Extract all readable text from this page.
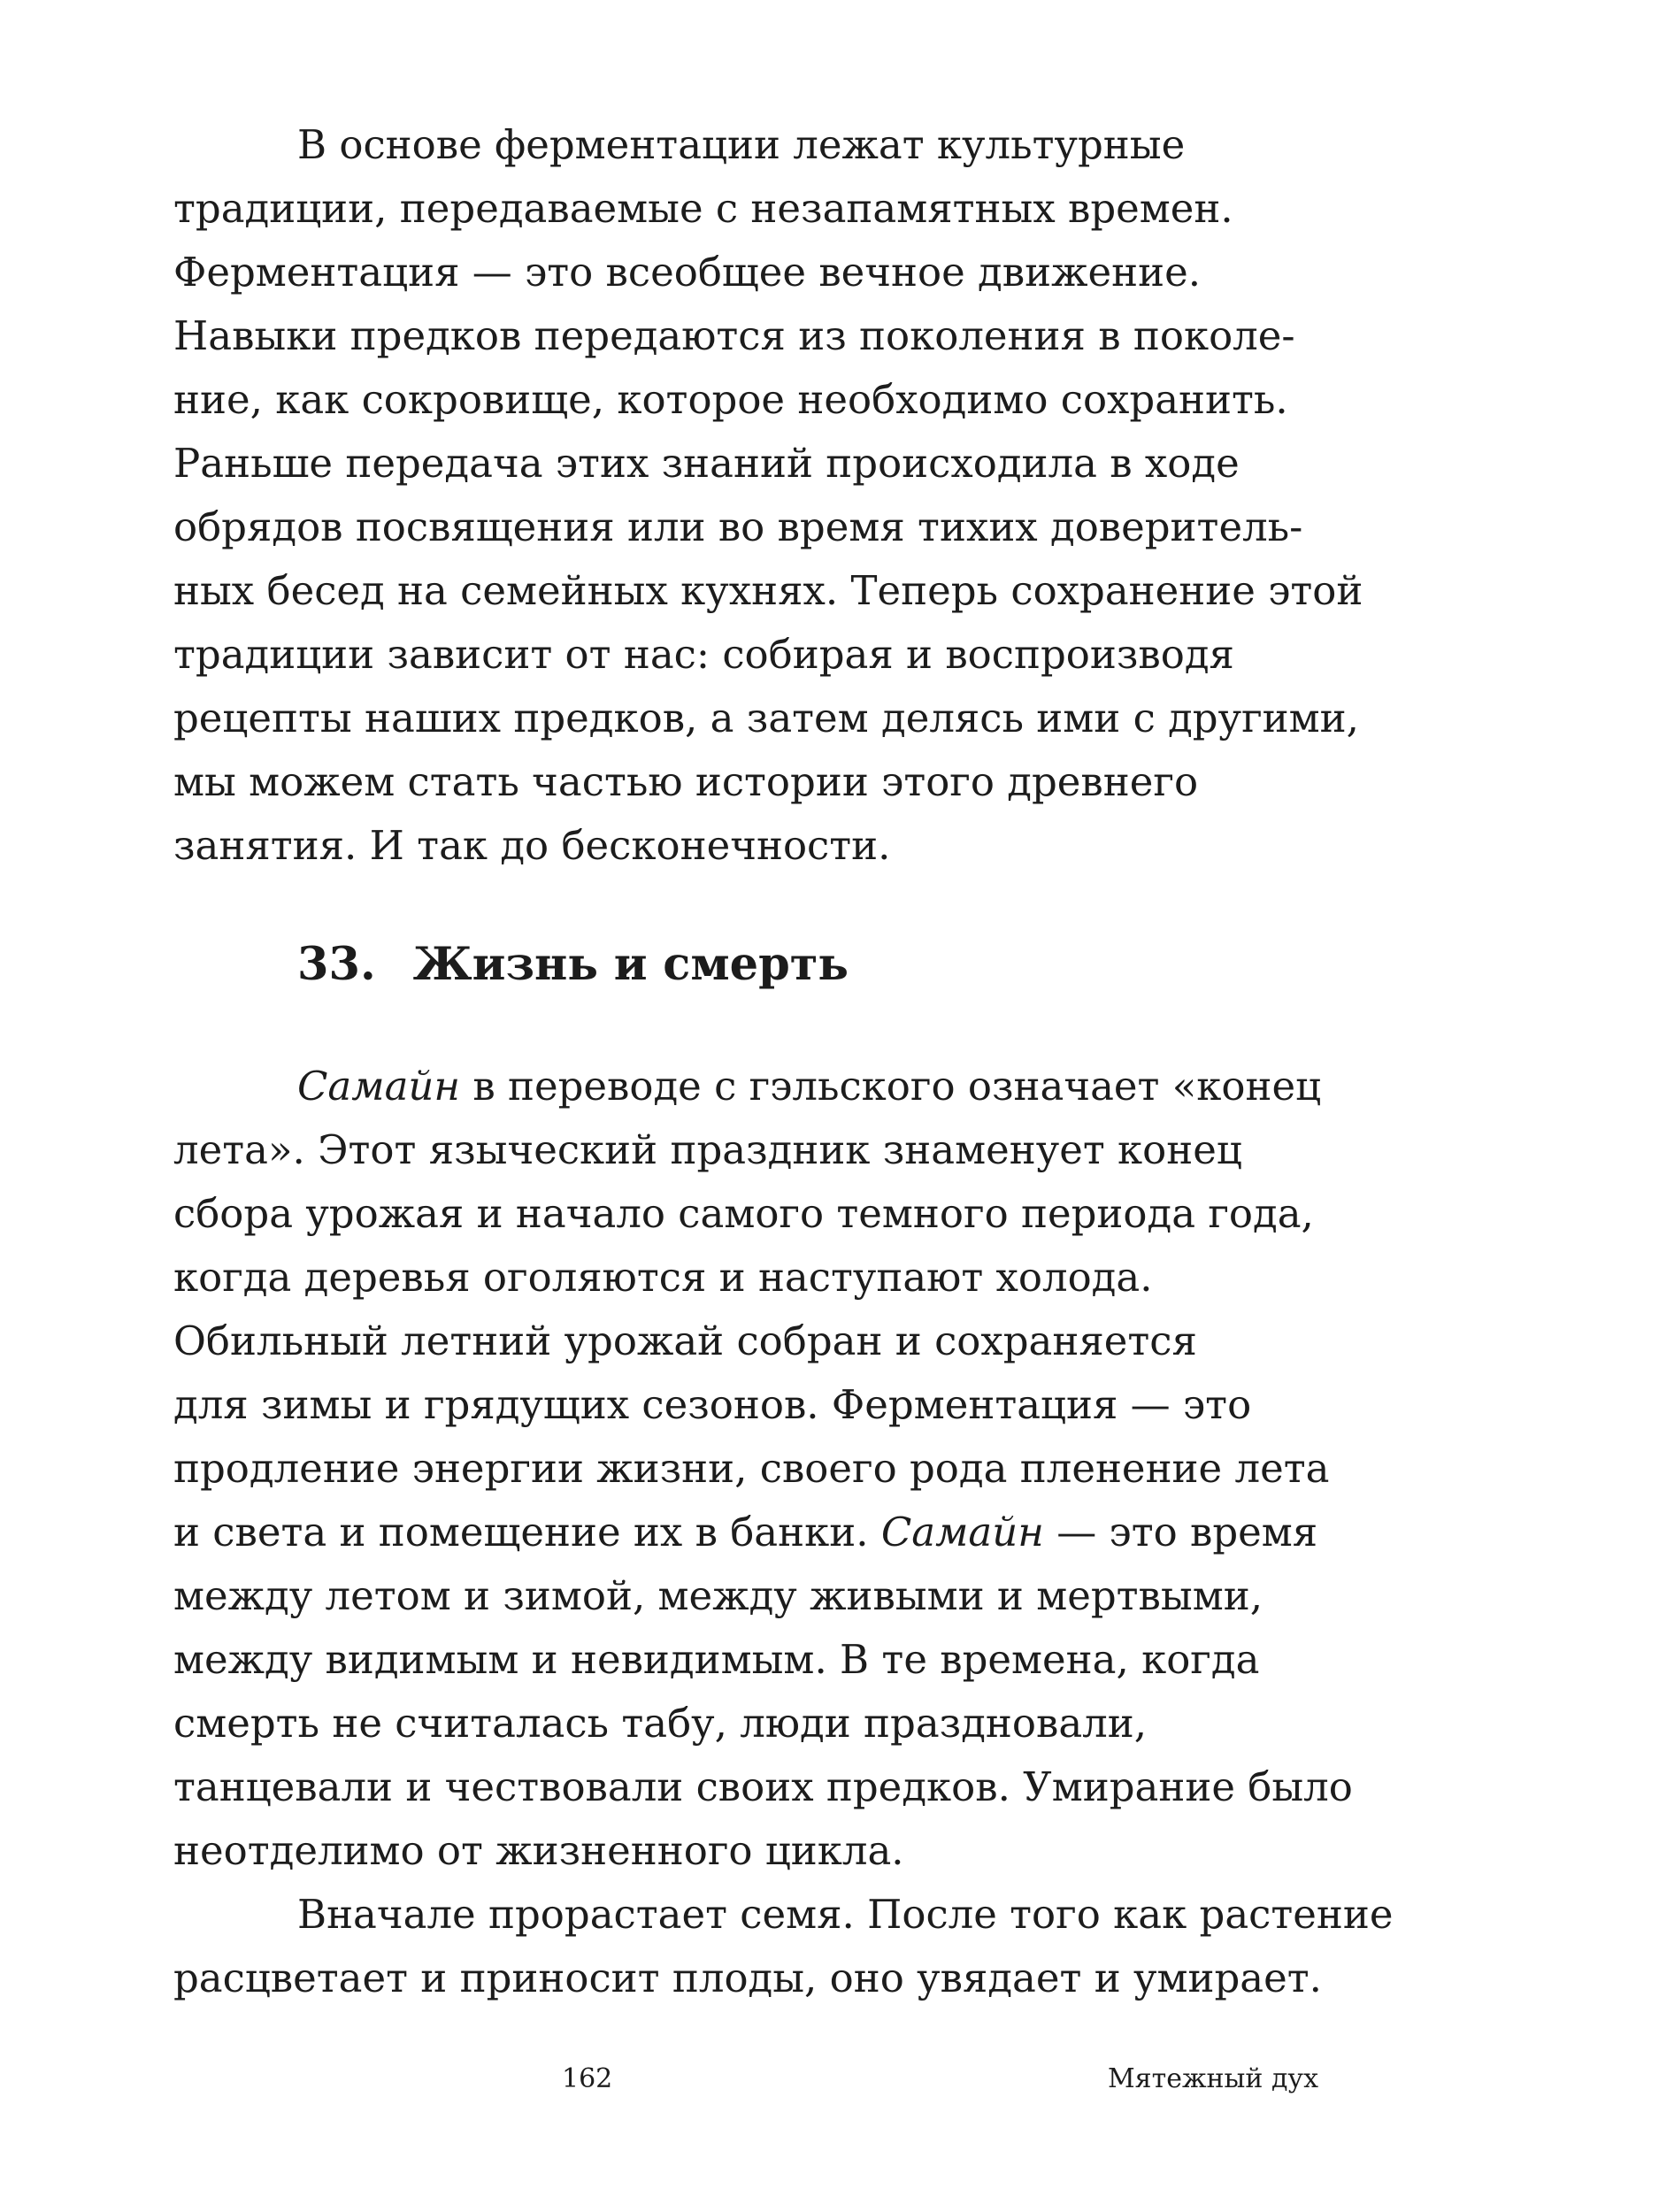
В основе ферментации лежат культурные
традиции, передаваемые с незапамятных времен.
Ферментация — это всеобщее вечное движение.
Навыки предков передаются из поколения в поколе-
ние, как сокровище, которое необходимо сохранить.
Раньше передача этих знаний происходила в ходе
обрядов посвящения или во время тихих доверитель-
ных бесед на семейных кухнях. Теперь сохранение этой
традиции зависит от нас: собирая и воспроизводя
рецепты наших предков, а затем делясь ими с другими,
мы можем стать частью истории этого древнего
занятия. И так до бесконечности.
33. Жизнь и смерть
Самайн в переводе с гэльского означает «конец
лета». Этот языческий праздник знаменует конец
сбора урожая и начало самого темного периода года,
когда деревья оголяются и наступают холода.
Обильный летний урожай собран и сохраняется
для зимы и грядущих сезонов. Ферментация — это
продление энергии жизни, своего рода пленение лета
и света и помещение их в банки. Самайн — это время
между летом и зимой, между живыми и мертвыми,
между видимым и невидимым. В те времена, когда
смерть не считалась табу, люди праздновали,
танцевали и чествовали своих предков. Умирание было
неотделимо от жизненного цикла.
Вначале прорастает семя. После того как растение
расцветает и приносит плоды, оно увядает и умирает.
162	Мятежный дух
